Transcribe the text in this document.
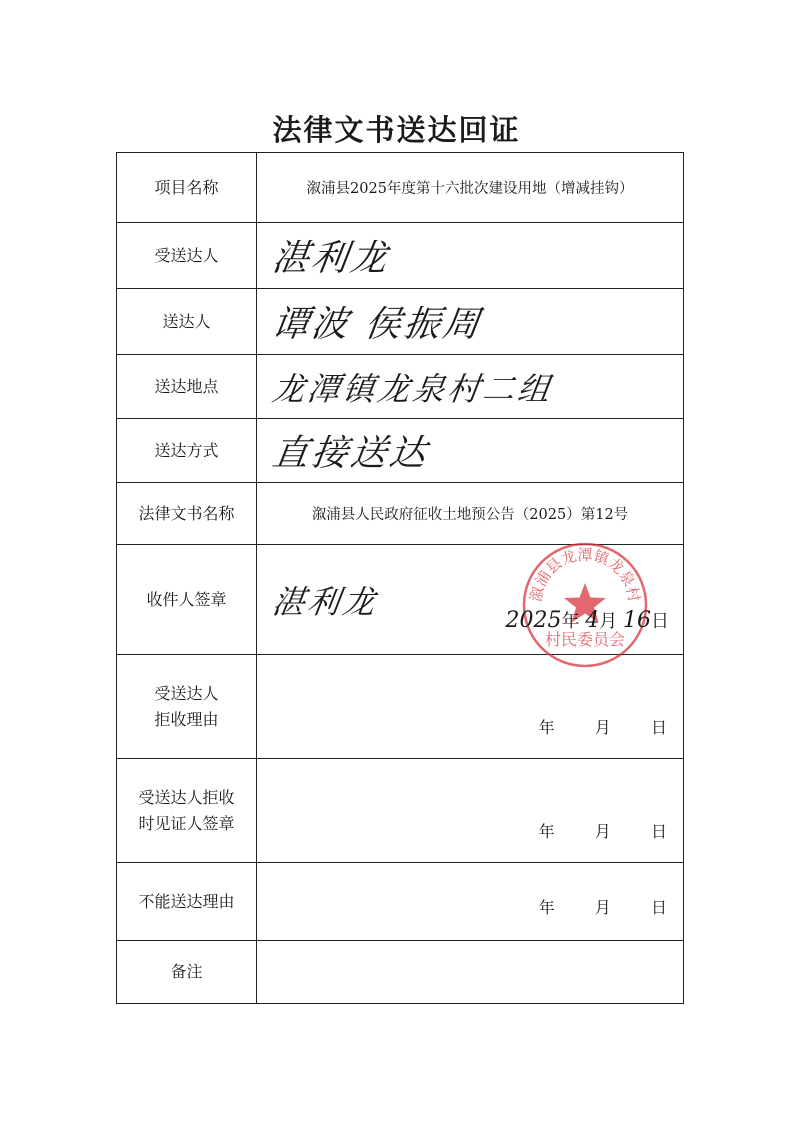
法律文书送达回证
项目名称	溆浦县2025年度第十六批次建设用地（增减挂钩）
受送达人	湛利龙
送达人	谭波 侯振周
送达地点	龙潭镇龙泉村二组
送达方式	直接送达
法律文书名称	溆浦县人民政府征收土地预公告（2025）第12号
收件人签章	湛利龙 溆浦县龙潭镇龙泉村
村民委员会
2025年 4月 16日

受送达人
拒收理由	年 月 日

受送达人拒收
时见证人签章	年 月 日

不能送达理由	年 月 日

备注	
